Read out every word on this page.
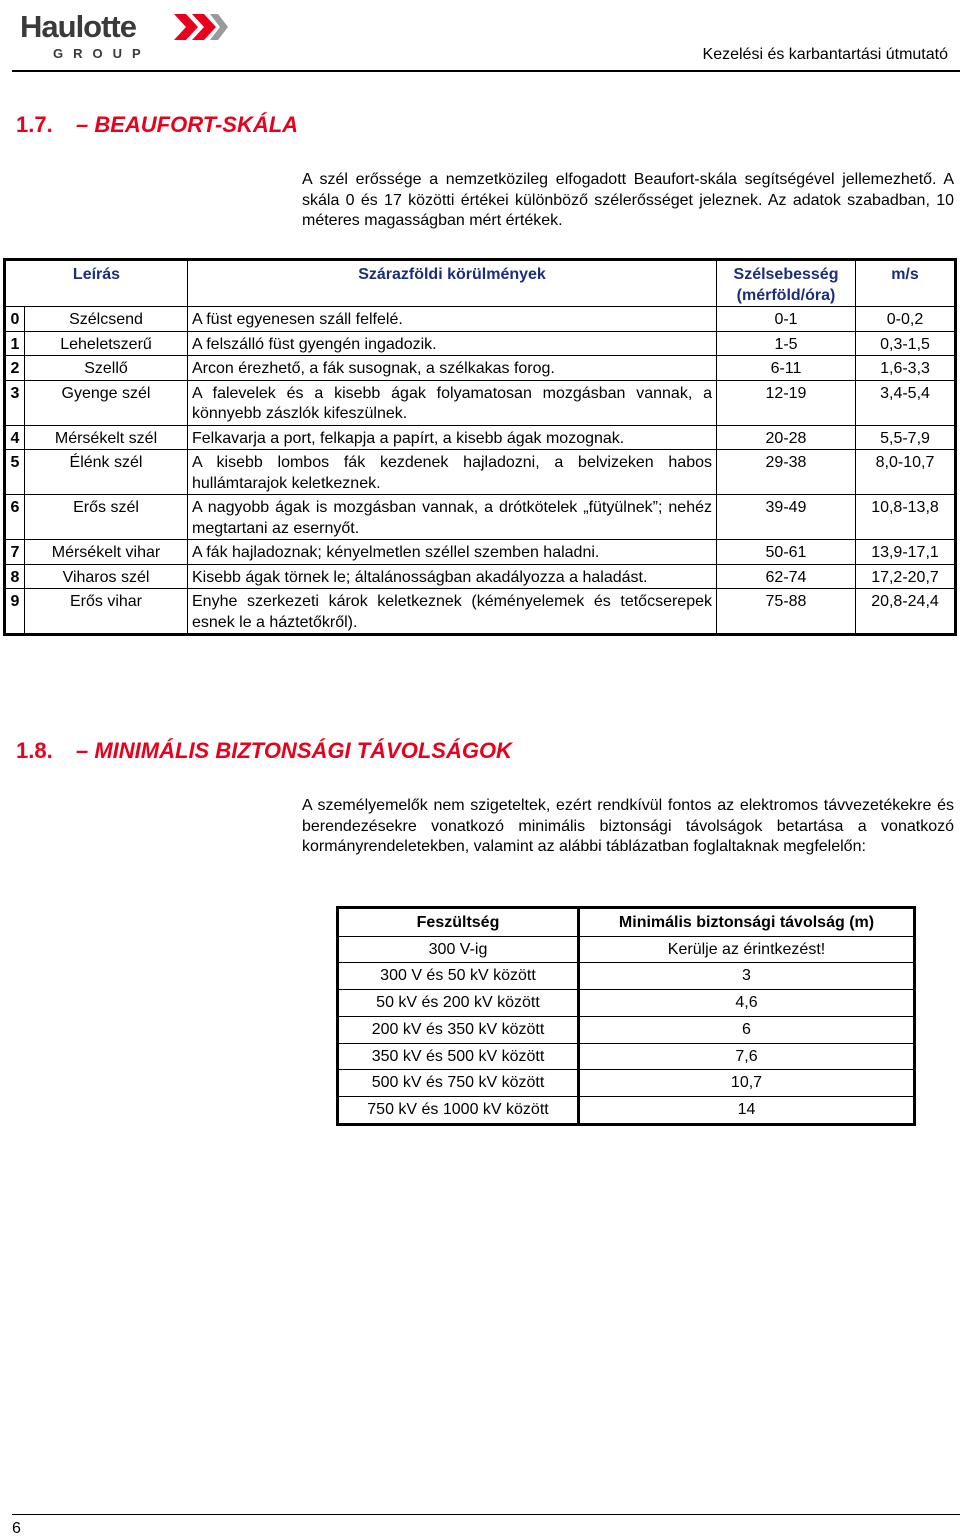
Haulotte
GROUP	Kezelési és karbantartási útmutató
1.7. – BEAUFORT-SKÁLA
A szél erőssége a nemzetközileg elfogadott Beaufort-skála segítségével jellemezhető. A skála 0 és 17 közötti értékei különböző szélerősséget jeleznek. Az adatok szabadban, 10 méteres magasságban mért értékek.
Leírás		Szárazföldi körülmények	Szélsebesség (mérföld/óra)	m/s
0	Szélcsend	A füst egyenesen száll felfelé.	0-1	0-0,2
1	Leheletszerű	A felszálló füst gyengén ingadozik.	1-5	0,3-1,5
2	Szellő	Arcon érezhető, a fák susognak, a szélkakas forog.	6-11	1,6-3,3
3	Gyenge szél	A falevelek és a kisebb ágak folyamatosan mozgásban vannak, a könnyebb zászlók kifeszülnek.	12-19	3,4-5,4
4	Mérsékelt szél	Felkavarja a port, felkapja a papírt, a kisebb ágak mozognak.	20-28	5,5-7,9
5	Élénk szél	A kisebb lombos fák kezdenek hajladozni, a belvizeken habos hullámtarajok keletkeznek.	29-38	8,0-10,7
6	Erős szél	A nagyobb ágak is mozgásban vannak, a drótkötelek „fütyülnek”; nehéz megtartani az esernyőt.	39-49	10,8-13,8
7	Mérsékelt vihar	A fák hajladoznak; kényelmetlen széllel szemben haladni.	50-61	13,9-17,1
8	Viharos szél	Kisebb ágak törnek le; általánosságban akadályozza a haladást.	62-74	17,2-20,7
9	Erős vihar	Enyhe szerkezeti károk keletkeznek (kéményelemek és tetőcserepek esnek le a háztetőkről).	75-88	20,8-24,4
1.8. – MINIMÁLIS BIZTONSÁGI TÁVOLSÁGOK
A személyemelők nem szigeteltek, ezért rendkívül fontos az elektromos távvezetékekre és berendezésekre vonatkozó minimális biztonsági távolságok betartása a vonatkozó kormányrendeletekben, valamint az alábbi táblázatban foglaltaknak megfelelőn:
Feszültség	Minimális biztonsági távolság (m)
300 V-ig	Kerülje az érintkezést!
300 V és 50 kV között	3
50 kV és 200 kV között	4,6
200 kV és 350 kV között	6
350 kV és 500 kV között	7,6
500 kV és 750 kV között	10,7
750 kV és 1000 kV között	14
6
